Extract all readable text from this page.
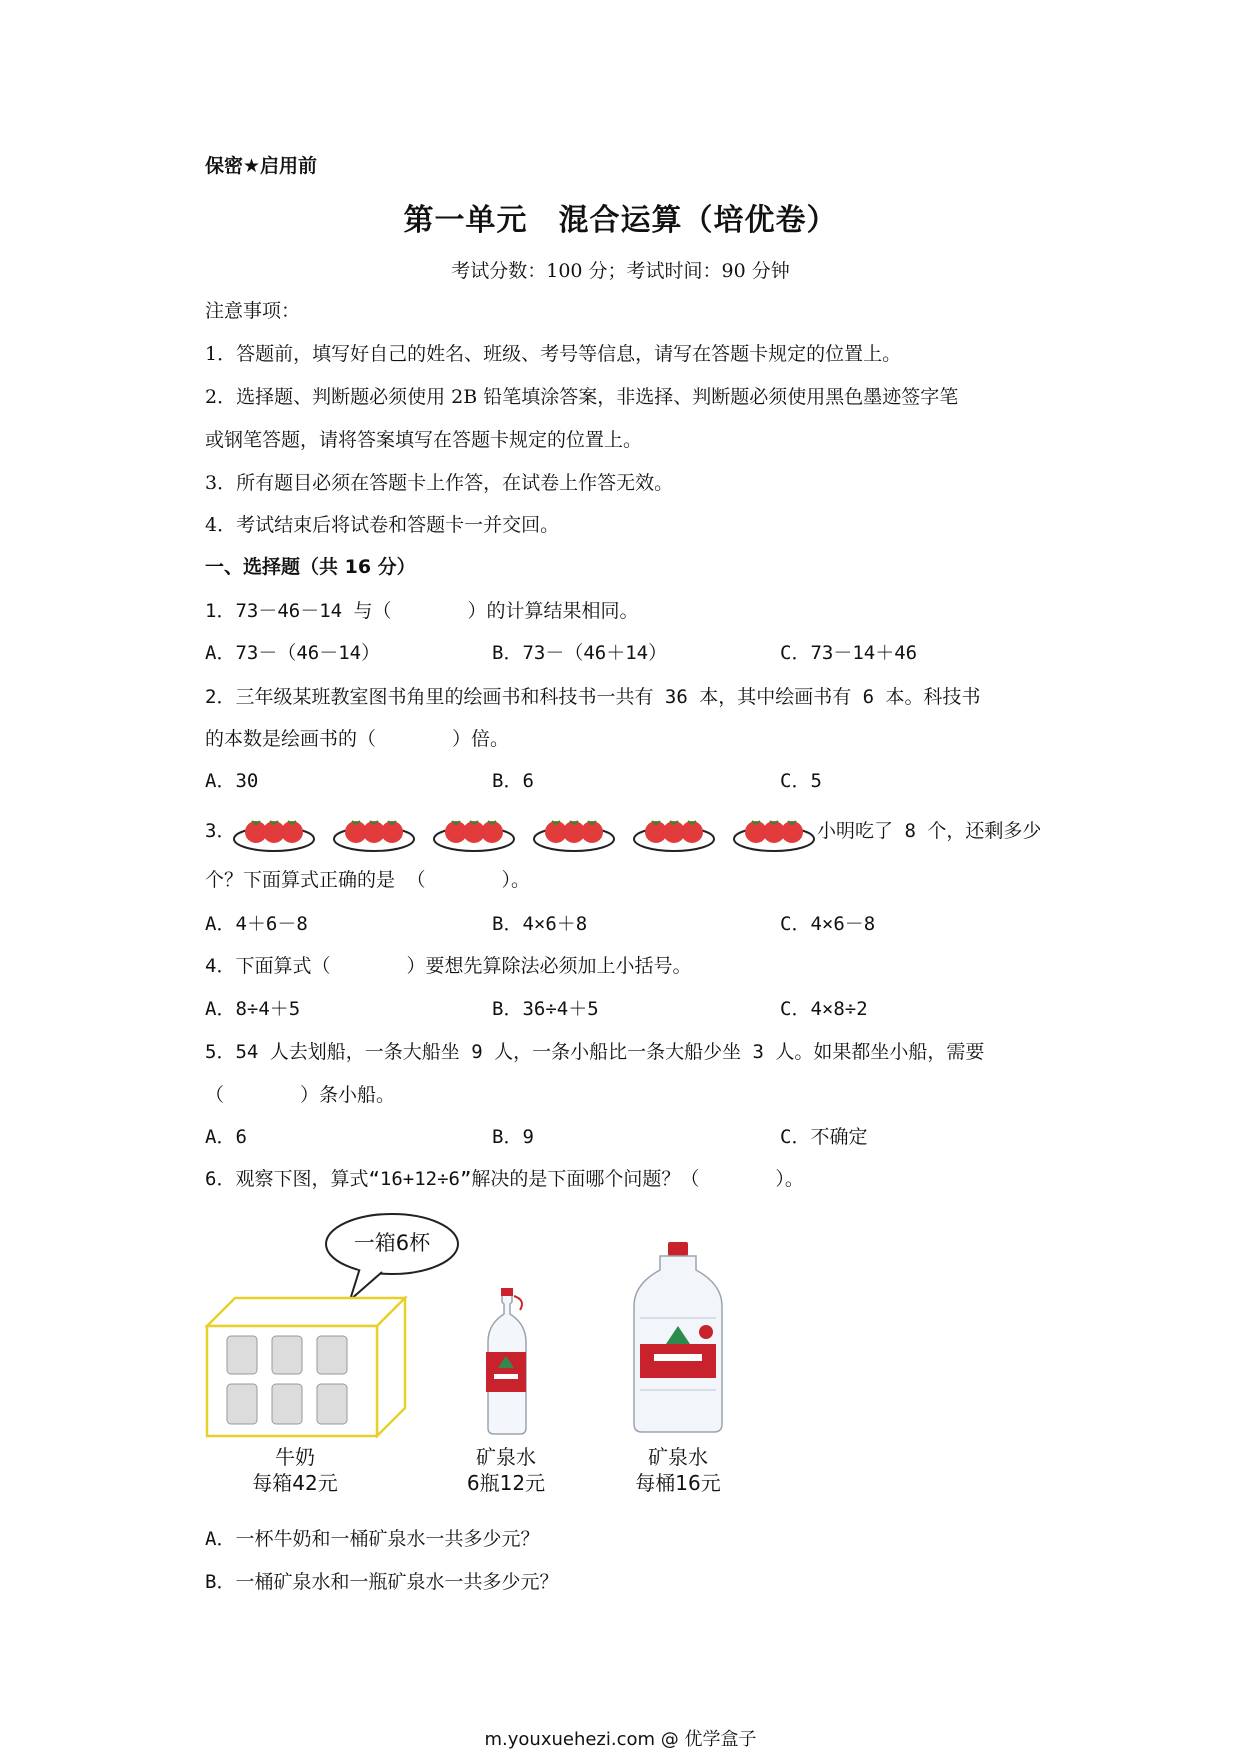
保密★启用前
第一单元　混合运算（培优卷）
考试分数：100 分；考试时间：90 分钟
注意事项：
1．答题前，填写好自己的姓名、班级、考号等信息，请写在答题卡规定的位置上。
2．选择题、判断题必须使用 2B 铅笔填涂答案，非选择、判断题必须使用黑色墨迹签字笔
或钢笔答题，请将答案填写在答题卡规定的位置上。
3．所有题目必须在答题卡上作答，在试卷上作答无效。
4．考试结束后将试卷和答题卡一并交回。
一、选择题（共 16 分）
1．73－46－14 与（　　　　）的计算结果相同。
A．73－（46－14）	B．73－（46＋14）	C．73－14＋46
2．三年级某班教室图书角里的绘画书和科技书一共有 36 本，其中绘画书有 6 本。科技书
的本数是绘画书的（　　　　）倍。
A．30	B．6	C．5
3．	小明吃了 8 个，还剩多少
个？下面算式正确的是 （　　　　）。
A．4＋6－8	B．4×6＋8	C．4×6－8
4．下面算式（　　　　）要想先算除法必须加上小括号。
A．8÷4＋5	B．36÷4＋5	C．4×8÷2
5．54 人去划船，一条大船坐 9 人，一条小船比一条大船少坐 3 人。如果都坐小船，需要
（　　　　）条小船。
A．6	B．9	C．不确定
6．观察下图，算式“16+12÷6”解决的是下面哪个问题？（　　　　）。
一箱6杯
牛奶
每箱42元
矿泉水
6瓶12元
矿泉水
每桶16元
A．一杯牛奶和一桶矿泉水一共多少元？
B．一桶矿泉水和一瓶矿泉水一共多少元？
m.youxuehezi.com @ 优学盒子
